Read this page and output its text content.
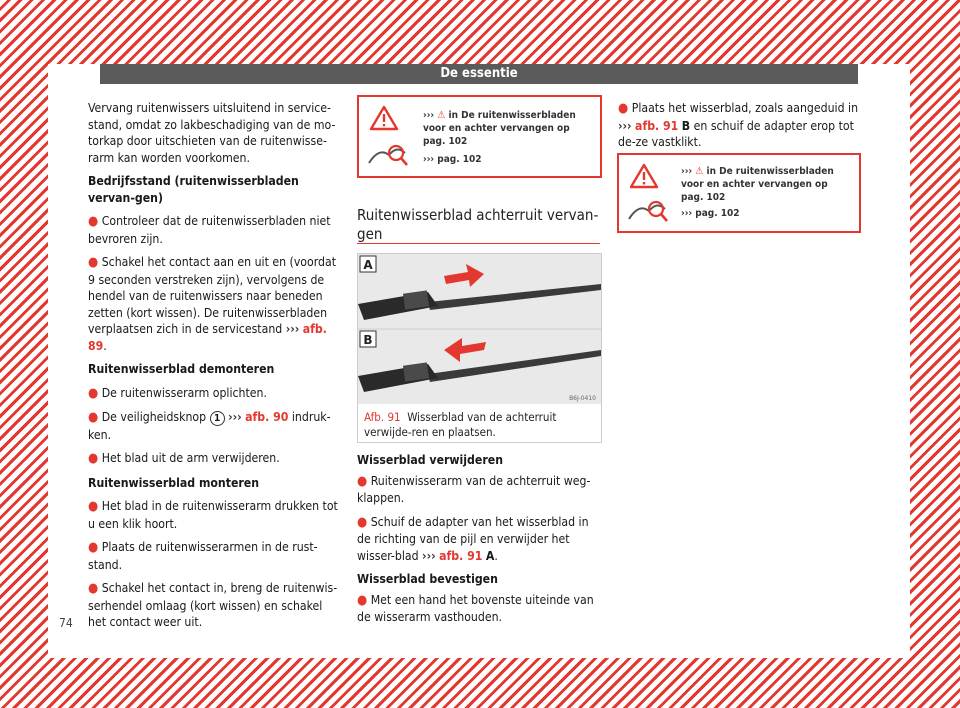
De essentie

Vervang ruitenwissers uitsluitend in service-stand, omdat zo lakbeschadiging van de mo-torkap door uitschieten van de ruitenwisse-rarm kan worden voorkomen.

Bedrijfsstand (ruitenwisserbladen vervan-gen)

● Controleer dat de ruitenwisserbladen niet bevroren zijn.

● Schakel het contact aan en uit en (voordat 9 seconden verstreken zijn), vervolgens de hendel van de ruitenwissers naar beneden zetten (kort wissen). De ruitenwisserbladen verplaatsen zich in de servicestand ››› afb. 89.

Ruitenwisserblad demonteren

● De ruitenwisserarm oplichten.

● De veiligheidsknop 1 ››› afb. 90 indruk-ken.

● Het blad uit de arm verwijderen.

Ruitenwisserblad monteren

● Het blad in de ruitenwisserarm drukken tot u een klik hoort.

● Plaats de ruitenwisserarmen in de rust-stand.

● Schakel het contact in, breng de ruitenwis-serhendel omlaag (kort wissen) en schakel het contact weer uit.

››› ⚠ in De ruitenwisserbladen voor en achter vervangen op pag. 102
››› pag. 102
Ruitenwisserblad achterruit vervan-gen
A
B
B6J-0410
Afb. 91 Wisserblad van de achterruit verwijde-ren en plaatsen.

Wisserblad verwijderen

● Ruitenwisserarm van de achterruit weg-klappen.

● Schuif de adapter van het wisserblad in de richting van de pijl en verwijder het wisser-blad ››› afb. 91 A.

Wisserblad bevestigen

● Met een hand het bovenste uiteinde van de wisserarm vasthouden.

● Plaats het wisserblad, zoals aangeduid in ››› afb. 91 B en schuif de adapter erop tot de-ze vastklikt.

››› ⚠ in De ruitenwisserbladen voor en achter vervangen op pag. 102
››› pag. 102
74
